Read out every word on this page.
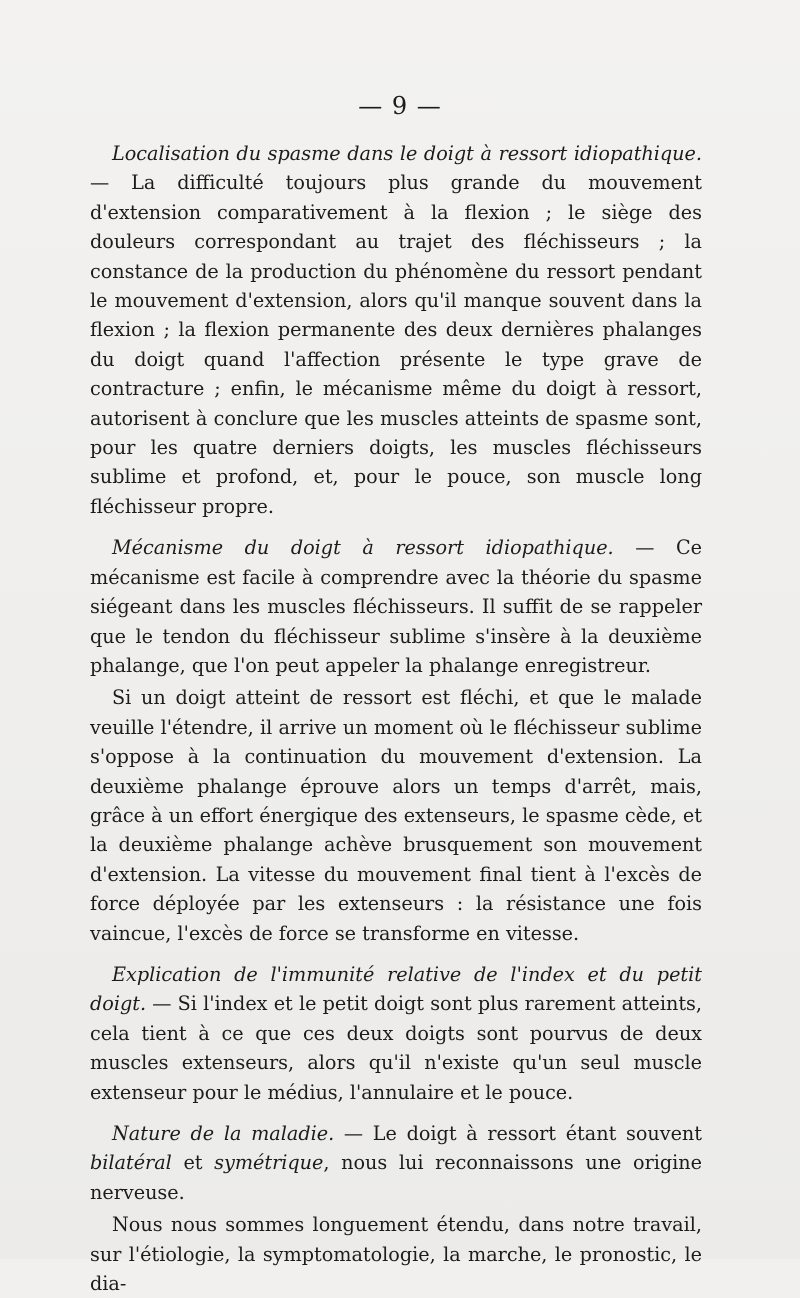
— 9 —

Localisation du spasme dans le doigt à ressort idiopathique. — La difficulté toujours plus grande du mouvement d'extension comparativement à la flexion ; le siège des douleurs correspondant au trajet des fléchisseurs ; la constance de la production du phénomène du ressort pendant le mouvement d'extension, alors qu'il manque souvent dans la flexion ; la flexion permanente des deux dernières phalanges du doigt quand l'affection présente le type grave de contracture ; enfin, le mécanisme même du doigt à ressort, autorisent à conclure que les muscles atteints de spasme sont, pour les quatre derniers doigts, les muscles fléchisseurs sublime et profond, et, pour le pouce, son muscle long fléchisseur propre.

Mécanisme du doigt à ressort idiopathique. — Ce mécanisme est facile à comprendre avec la théorie du spasme siégeant dans les muscles fléchisseurs. Il suffit de se rappeler que le tendon du fléchisseur sublime s'insère à la deuxième phalange, que l'on peut appeler la phalange enregistreur.

Si un doigt atteint de ressort est fléchi, et que le malade veuille l'étendre, il arrive un moment où le fléchisseur sublime s'oppose à la continuation du mouvement d'extension. La deuxième phalange éprouve alors un temps d'arrêt, mais, grâce à un effort énergique des extenseurs, le spasme cède, et la deuxième phalange achève brusquement son mouvement d'extension. La vitesse du mouvement final tient à l'excès de force déployée par les extenseurs : la résistance une fois vaincue, l'excès de force se transforme en vitesse.

Explication de l'immunité relative de l'index et du petit doigt. — Si l'index et le petit doigt sont plus rarement atteints, cela tient à ce que ces deux doigts sont pourvus de deux muscles extenseurs, alors qu'il n'existe qu'un seul muscle extenseur pour le médius, l'annulaire et le pouce.

Nature de la maladie. — Le doigt à ressort étant souvent bilatéral et symétrique, nous lui reconnaissons une origine nerveuse.

Nous nous sommes longuement étendu, dans notre travail, sur l'étiologie, la symptomatologie, la marche, le pronostic, le dia-
